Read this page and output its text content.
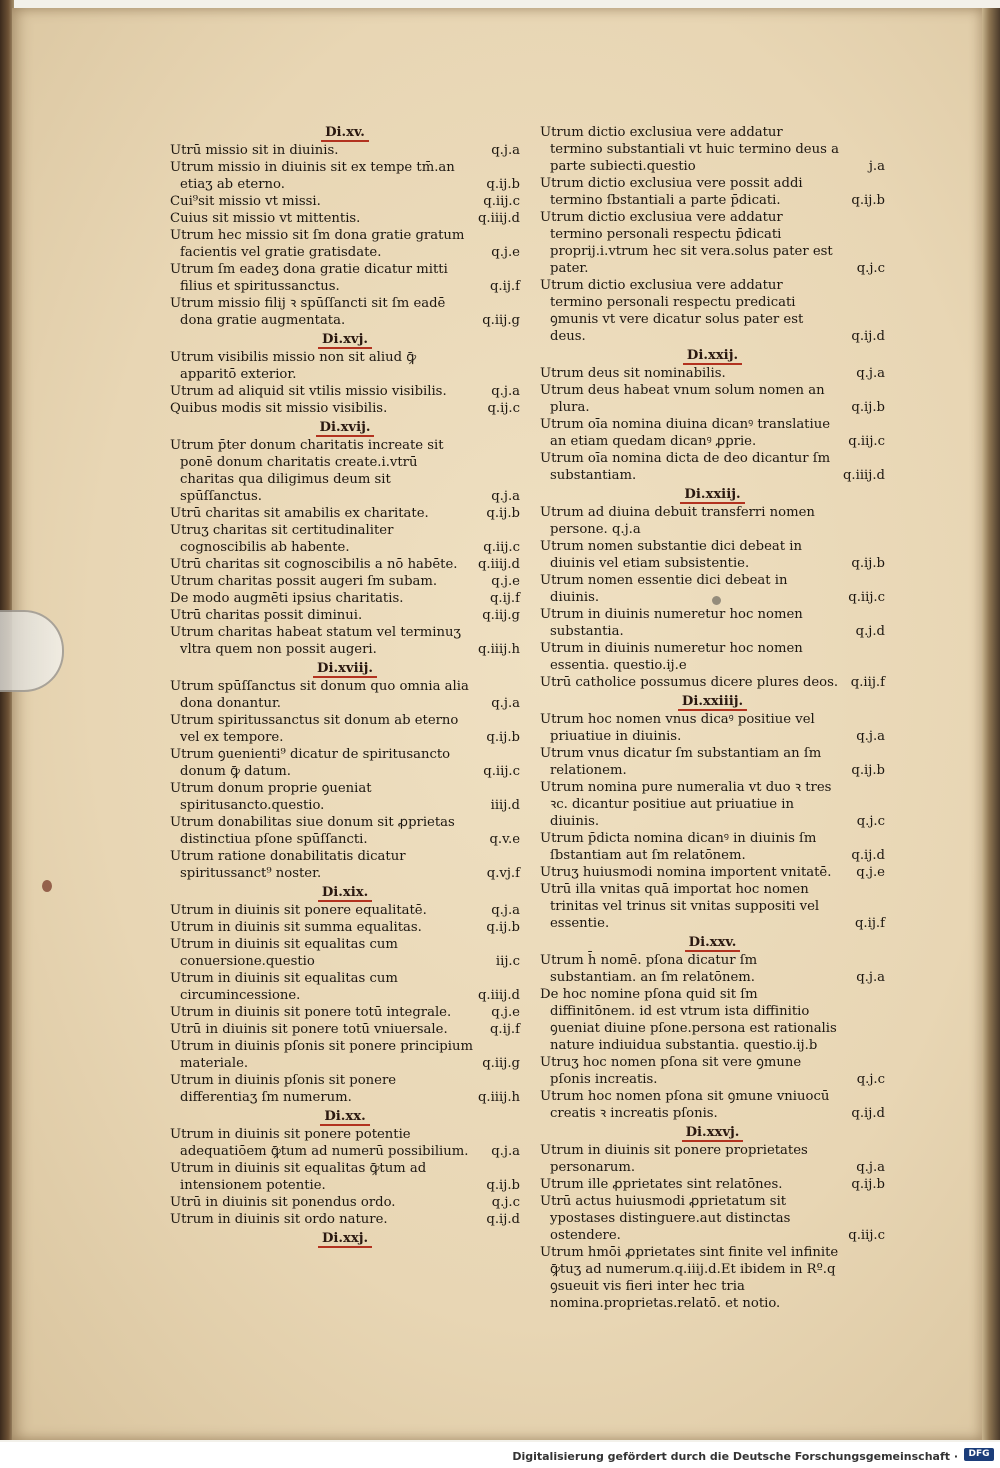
Di.xv.
Utrū missio sit in diuinis.	q.j.a
Utrum missio in diuinis sit ex tempe tm̄.an etiaʒ ab eterno.	q.ij.b
Cui⁹sit missio vt missi.	q.iij.c
Cuius sit missio vt mittentis.	q.iiij.d
Utrum hec missio sit ſm dona gratie gratum facientis vel gratie gratisdate.	q.j.e
Utrum ſm eadeʒ dona gratie dicatur mitti filius et spiritussanctus.	q.ij.f
Utrum missio filij ꝛ spūſſancti sit ſm eadē dona gratie augmentata.	q.iij.g
Di.xvj.
Utrum visibilis missio non sit aliud ꝙ̄ apparitō exterior.
Utrum ad aliquid sit vtilis missio visibilis.	q.j.a
Quibus modis sit missio visibilis.	q.ij.c
Di.xvij.
Utrum p̄ter donum charitatis increate sit ponē donum charitatis create.i.vtrū charitas qua diligimus deum sit spūſſanctus.	q.j.a
Utrū charitas sit amabilis ex charitate.	q.ij.b
Utruʒ charitas sit certitudinaliter cognoscibilis ab habente.	q.iij.c
Utrū charitas sit cognoscibilis a nō habēte.	q.iiij.d
Utrum charitas possit augeri ſm subam.	q.j.e
De modo augmēti ipsius charitatis.	q.ij.f
Utrū charitas possit diminui.	q.iij.g
Utrum charitas habeat statum vel terminuʒ vltra quem non possit augeri.	q.iiij.h
Di.xviij.
Utrum spūſſanctus sit donum quo omnia alia dona donantur.	q.j.a
Utrum spiritussanctus sit donum ab eterno vel ex tempore.	q.ij.b
Utrum ꝯuenienti⁹ dicatur de spiritusancto donum ꝙ̄ datum.	q.iij.c
Utrum donum proprie ꝯueniat spiritusancto.questio.	iiij.d
Utrum donabilitas siue donum sit ꝓprietas distinctiua pſone spūſſancti.	q.v.e
Utrum ratione donabilitatis dicatur spiritussanct⁹ noster.	q.vj.f
Di.xix.
Utrum in diuinis sit ponere equalitatē.	q.j.a
Utrum in diuinis sit summa equalitas.	q.ij.b
Utrum in diuinis sit equalitas cum conuersione.questio	iij.c
Utrum in diuinis sit equalitas cum circumincessione.	q.iiij.d
Utrum in diuinis sit ponere totū integrale.	q.j.e
Utrū in diuinis sit ponere totū vniuersale.	q.ij.f
Utrum in diuinis pſonis sit ponere principium materiale.	q.iij.g
Utrum in diuinis pſonis sit ponere differentiaʒ ſm numerum.	q.iiij.h
Di.xx.
Utrum in diuinis sit ponere potentie adequatiōem ꝙ̄tum ad numerū possibilium.	q.j.a
Utrum in diuinis sit equalitas ꝙ̄tum ad intensionem potentie.	q.ij.b
Utrū in diuinis sit ponendus ordo.	q.j.c
Utrum in diuinis sit ordo nature.	q.ij.d
Di.xxj.
Utrum dictio exclusiua vere addatur termino substantiali vt huic termino deus a parte subiecti.questio	j.a
Utrum dictio exclusiua vere possit addi termino ſbstantiali a parte p̄dicati.	q.ij.b
Utrum dictio exclusiua vere addatur termino personali respectu p̄dicati proprij.i.vtrum hec sit vera.solus pater est pater.	q.j.c
Utrum dictio exclusiua vere addatur termino personali respectu predicati ꝯmunis vt vere dicatur solus pater est deus.	q.ij.d
Di.xxij.
Utrum deus sit nominabilis.	q.j.a
Utrum deus habeat vnum solum nomen an plura.	q.ij.b
Utrum oīa nomina diuina dicanꝰ translatiue an etiam quedam dicanꝰ ꝓprie.	q.iij.c
Utrum oīa nomina dicta de deo dicantur ſm substantiam.	q.iiij.d
Di.xxiij.
Utrum ad diuina debuit transferri nomen persone. q.j.a
Utrum nomen substantie dici debeat in diuinis vel etiam subsistentie.	q.ij.b
Utrum nomen essentie dici debeat in diuinis.	q.iij.c
Utrum in diuinis numeretur hoc nomen substantia.	q.j.d
Utrum in diuinis numeretur hoc nomen essentia. questio.ij.e
Utrū catholice possumus dicere plures deos. q.iij.f
Di.xxiiij.
Utrum hoc nomen vnus dicaꝰ positiue vel priuatiue in diuinis.	q.j.a
Utrum vnus dicatur ſm substantiam an ſm relationem.	q.ij.b
Utrum nomina pure numeralia vt duo ꝛ tres ꝛc. dicantur positiue aut priuatiue in diuinis.	q.j.c
Utrum p̄dicta nomina dicanꝰ in diuinis ſm ſbstantiam aut ſm relatōnem.	q.ij.d
Utruʒ huiusmodi nomina importent vnitatē.	q.j.e
Utrū illa vnitas quā importat hoc nomen trinitas vel trinus sit vnitas suppositi vel essentie.	q.ij.f
Di.xxv.
Utrum h̄ nomē. pſona dicatur ſm substantiam. an ſm relatōnem.	q.j.a
De hoc nomine pſona quid sit ſm diffinitōnem. id est vtrum ista diffinitio ꝯueniat diuine pſone.persona est rationalis nature indiuidua substantia. questio.ij.b
Utruʒ hoc nomen pſona sit vere ꝯmune pſonis increatis.	q.j.c
Utrum hoc nomen pſona sit ꝯmune vniuocū creatis ꝛ increatis pſonis.	q.ij.d
Di.xxvj.
Utrum in diuinis sit ponere proprietates personarum.	q.j.a
Utrum ille ꝓprietates sint relatōnes.	q.ij.b
Utrū actus huiusmodi ꝓprietatum sit ypostases distinguere.aut distinctas ostendere.	q.iij.c
Utrum hmōi ꝓprietates sint finite vel infinite ꝙ̄tuʒ ad numerum.q.iiij.d.Et ibidem in Rº.q ꝯsueuit vis fieri inter hec tria nomina.proprietas.relatō. et notio.
Digitalisierung gefördert durch die Deutsche Forschungsgemeinschaft ·	DFG
